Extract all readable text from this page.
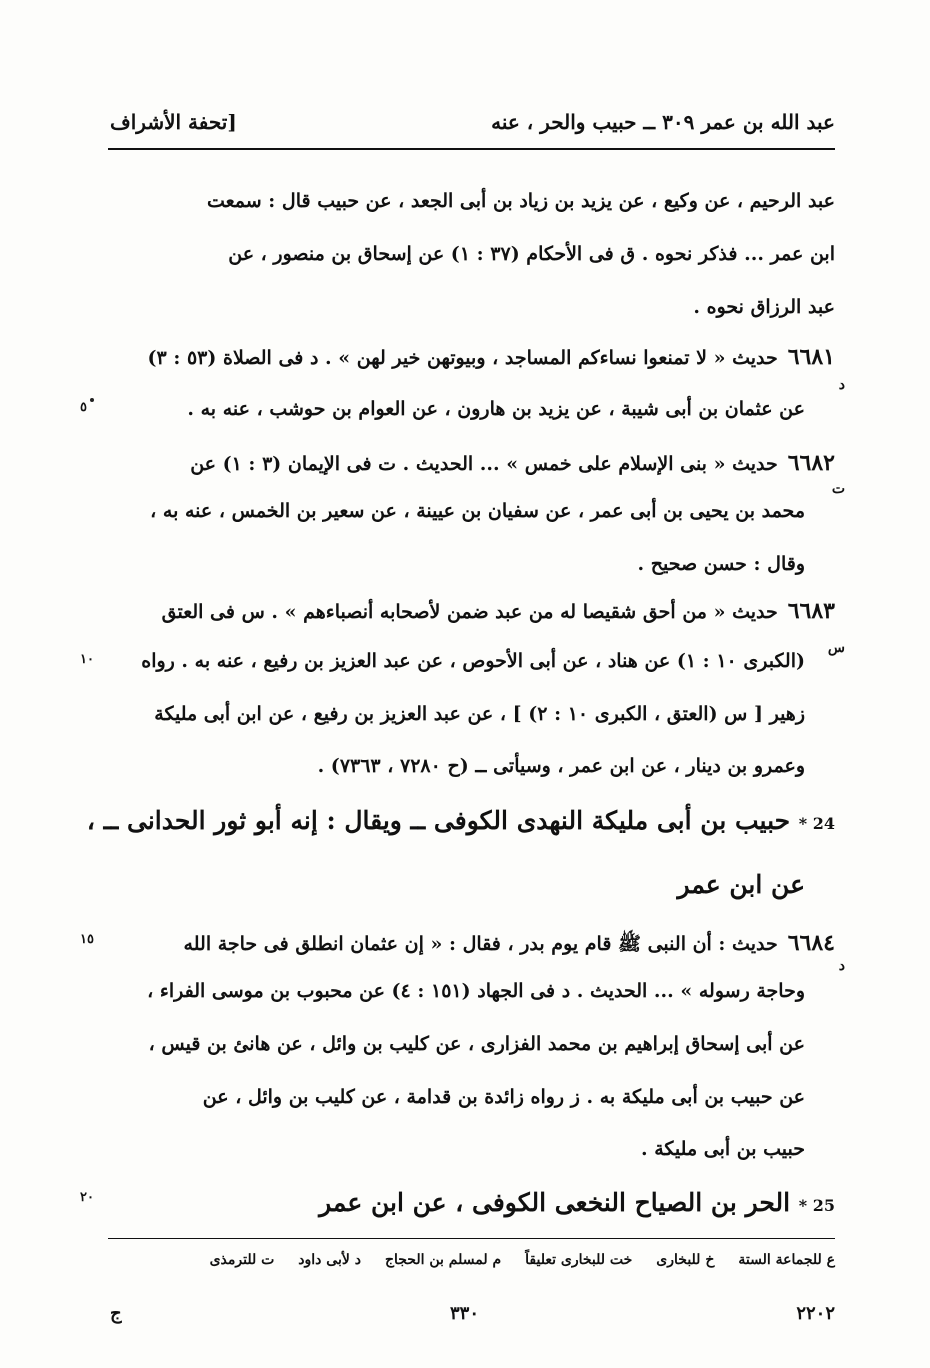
عبد الله بن عمر ٣٠٩ ــ حبيب والحر ، عنه
[تحفة الأشراف
عبد الرحيم ، عن وكيع ، عن يزيد بن زياد بن أبى الجعد ، عن حبيب قال : سمعت
ابن عمر ... فذكر نحوه . ق فى الأحكام (٣٧ : ١) عن إسحاق بن منصور ، عن
عبد الرزاق نحوه .
٦٦٨١حديث « لا تمنعوا نساءكم المساجد ، وبيوتهن خير لهن » . د فى الصلاة (٥٣ : ٣)
د
عن عثمان بن أبى شيبة ، عن يزيد بن هارون ، عن العوام بن حوشب ، عنه به .
٥
٦٦٨٢حديث « بنى الإسلام على خمس » ... الحديث . ت فى الإيمان (٣ : ١) عن
ت
محمد بن يحيى بن أبى عمر ، عن سفيان بن عيينة ، عن سعير بن الخمس ، عنه به ،
وقال : حسن صحيح .
٦٦٨٣حديث « من أحق شقيصا له من عبد ضمن لأصحابه أنصباءهم » . س فى العتق
س
(الكبرى ١٠ : ١) عن هناد ، عن أبى الأحوص ، عن عبد العزيز بن رفيع ، عنه به . رواه
١٠
زهير [ س (العتق ، الكبرى ١٠ : ٢) ] ، عن عبد العزيز بن رفيع ، عن ابن أبى مليكة
وعمرو بن دينار ، عن ابن عمر ، وسيأتى ــ (ح ٧٢٨٠ ، ٧٣٦٣) .
24 * حبيب بن أبى مليكة النهدى الكوفى ــ ويقال : إنه أبو ثور الحدانى ــ ،
عن ابن عمر
٦٦٨٤حديث : أن النبى ﷺ قام يوم بدر ، فقال : « إن عثمان انطلق فى حاجة الله
١٥
د
وحاجة رسوله » ... الحديث . د فى الجهاد (١٥١ : ٤) عن محبوب بن موسى الفراء ،
عن أبى إسحاق إبراهيم بن محمد الفزارى ، عن كليب بن وائل ، عن هانئ بن قيس ،
عن حبيب بن أبى مليكة به . ز رواه زائدة بن قدامة ، عن كليب بن وائل ، عن
حبيب بن أبى مليكة .
25 * الحر بن الصياح النخعى الكوفى ، عن ابن عمر
٢٠
ع للجماعة الستة
خ للبخارى
خت للبخارى تعليقاً
م لمسلم بن الحجاج
د لأبى داود
ت للترمذى
٢٢٠٢
٣٣٠
ج
